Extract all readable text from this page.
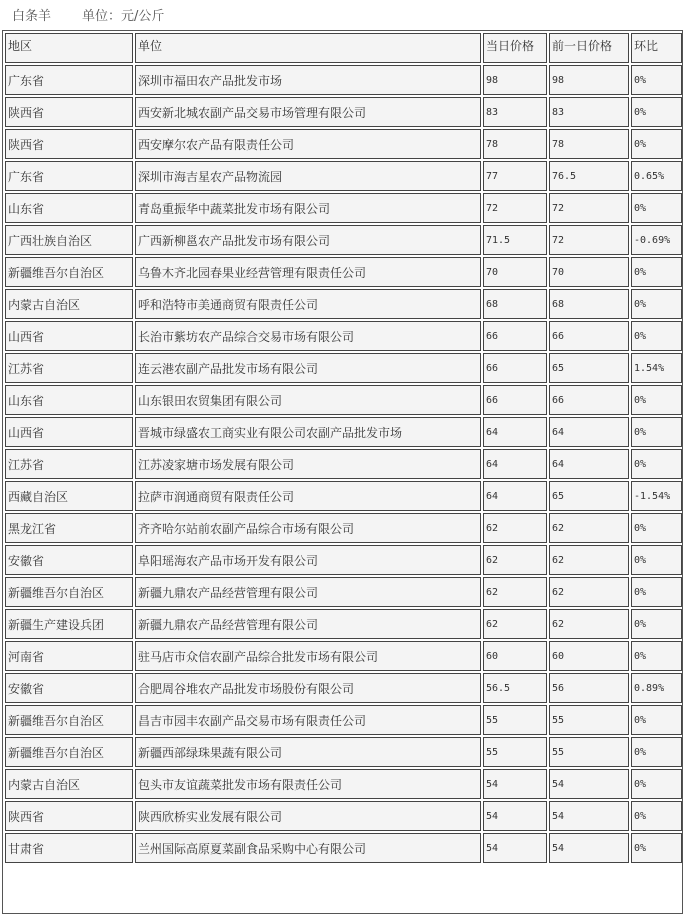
白条羊 单位：元/公斤
地区	单位	当日价格	前一日价格	环比
广东省	深圳市福田农产品批发市场	98	98	0%
陕西省	西安新北城农副产品交易市场管理有限公司	83	83	0%
陕西省	西安摩尔农产品有限责任公司	78	78	0%
广东省	深圳市海吉星农产品物流园	77	76.5	0.65%
山东省	青岛重振华中蔬菜批发市场有限公司	72	72	0%
广西壮族自治区	广西新柳邕农产品批发市场有限公司	71.5	72	-0.69%
新疆维吾尔自治区	乌鲁木齐北园春果业经营管理有限责任公司	70	70	0%
内蒙古自治区	呼和浩特市美通商贸有限责任公司	68	68	0%
山西省	长治市紫坊农产品综合交易市场有限公司	66	66	0%
江苏省	连云港农副产品批发市场有限公司	66	65	1.54%
山东省	山东银田农贸集团有限公司	66	66	0%
山西省	晋城市绿盛农工商实业有限公司农副产品批发市场	64	64	0%
江苏省	江苏凌家塘市场发展有限公司	64	64	0%
西藏自治区	拉萨市润通商贸有限责任公司	64	65	-1.54%
黑龙江省	齐齐哈尔站前农副产品综合市场有限公司	62	62	0%
安徽省	阜阳瑶海农产品市场开发有限公司	62	62	0%
新疆维吾尔自治区	新疆九鼎农产品经营管理有限公司	62	62	0%
新疆生产建设兵团	新疆九鼎农产品经营管理有限公司	62	62	0%
河南省	驻马店市众信农副产品综合批发市场有限公司	60	60	0%
安徽省	合肥周谷堆农产品批发市场股份有限公司	56.5	56	0.89%
新疆维吾尔自治区	昌吉市园丰农副产品交易市场有限责任公司	55	55	0%
新疆维吾尔自治区	新疆西部绿珠果蔬有限公司	55	55	0%
内蒙古自治区	包头市友谊蔬菜批发市场有限责任公司	54	54	0%
陕西省	陕西欣桥实业发展有限公司	54	54	0%
甘肃省	兰州国际高原夏菜副食品采购中心有限公司	54	54	0%
